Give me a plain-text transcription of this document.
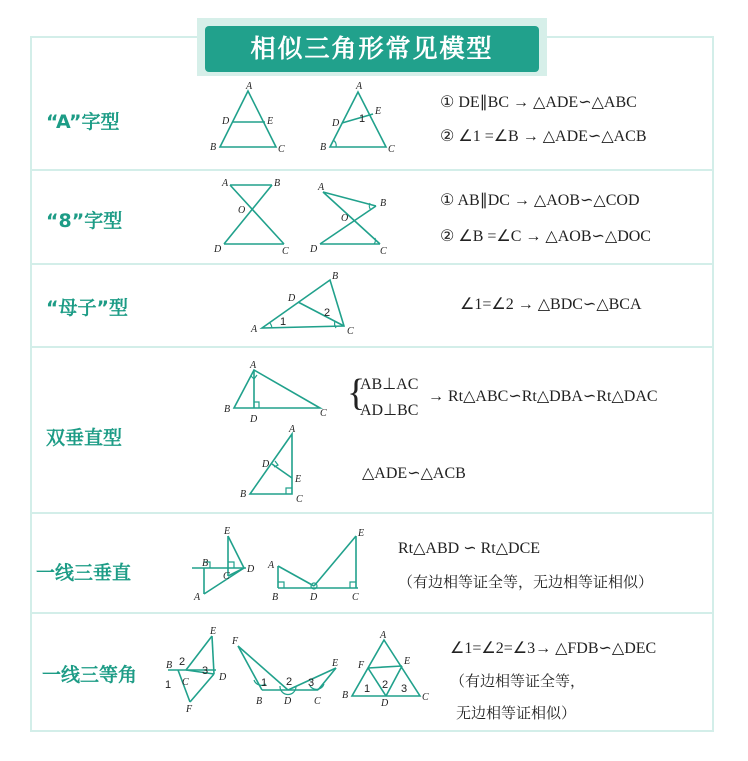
相似三角形常见模型
“A”字型
A
D	E
B	C
A
D
E
1
B	C
① DE∥BC → △ADE∽△ABC
② ∠1 =∠B → △ADE∽△ACB
“8”字型
A	B
O
D	C
A
B
O
D	C
① AB∥DC → △AOB∽△COD
② ∠B =∠C → △AOB∽△DOC
“母子”型
B
D
A	C
1
2	∠1=∠2 → △BDC∽△BCA
双垂直型
A
B
D
C
A
D
E
B	C
{
AB⊥AC
AD⊥BC
→ Rt△ABC∽Rt△DBA∽Rt△DAC
△ADE∽△ACB
一线三垂直
E
B
C
D
A
A
E
B	D	C
Rt△ABD ∽ Rt△DCE
（有边相等证全等，无边相等证相似）
一线三等角
E
B
C	D
F
2
3
1
F
E
B D C
1 2 3
A
F	E
B
D
C
1 2 3
∠1=∠2=∠3→ △FDB∽△DEC
（有边相等证全等，
无边相等证相似）
